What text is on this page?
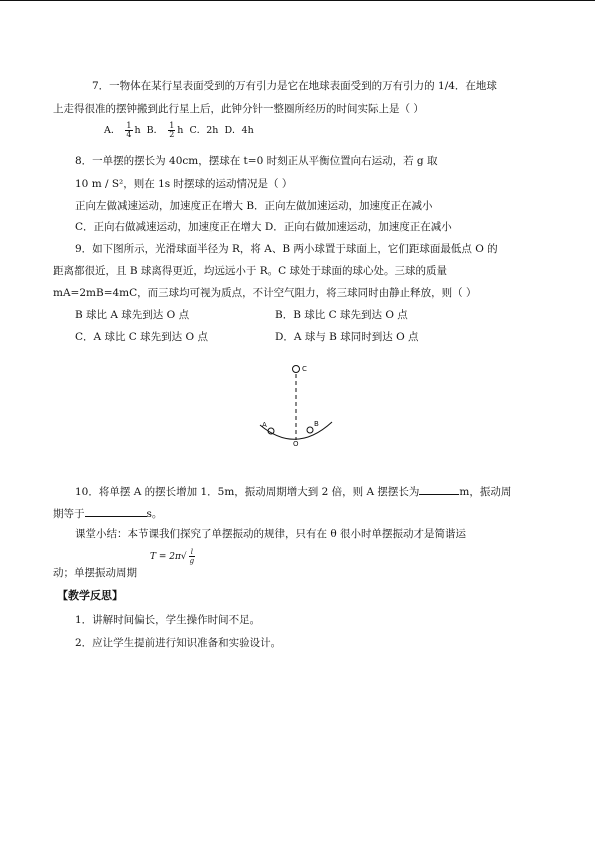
7．一物体在某行星表面受到的万有引力是它在地球表面受到的万有引力的 1/4．在地球
上走得很准的摆钟搬到此行星上后，此钟分针一整圈所经历的时间实际上是（ ）
A． $\frac{1}{4}$ h B． $\frac{1}{2}$ h C．2h D．4h
8．一单摆的摆长为 40cm，摆球在 t=0 时刻正从平衡位置向右运动，若 g 取
10 m / S²，则在 1s 时摆球的运动情况是（ ）
正向左做减速运动，加速度正在增大 B．正向左做加速运动，加速度正在减小
C．正向右做减速运动，加速度正在增大 D．正向右做加速运动，加速度正在减小
9．如下图所示，光滑球面半径为 R，将 A、B 两小球置于球面上，它们距球面最低点 O 的
距离都很近，且 B 球离得更近，均远远小于 R。C 球处于球面的球心处。三球的质量
mA=2mB=4mC，而三球均可视为质点，不计空气阻力，将三球同时由静止释放，则（ ）
B 球比 A 球先到达 O 点	B．B 球比 C 球先到达 O 点
C．A 球比 C 球先到达 O 点	D．A 球与 B 球同时到达 O 点
C
A	B
O
10．将单摆 A 的摆长增加 1．5m，振动周期增大到 2 倍，则 A 摆摆长为	m，振动周
期等于	s。
课堂小结：本节课我们探究了单摆振动的规律，只有在 θ 很小时单摆振动才是简谐运
$T = 2\pi√ \frac{l}{g}$
动；单摆振动周期
【教学反思】
1．讲解时间偏长，学生操作时间不足。
2．应让学生提前进行知识准备和实验设计。
